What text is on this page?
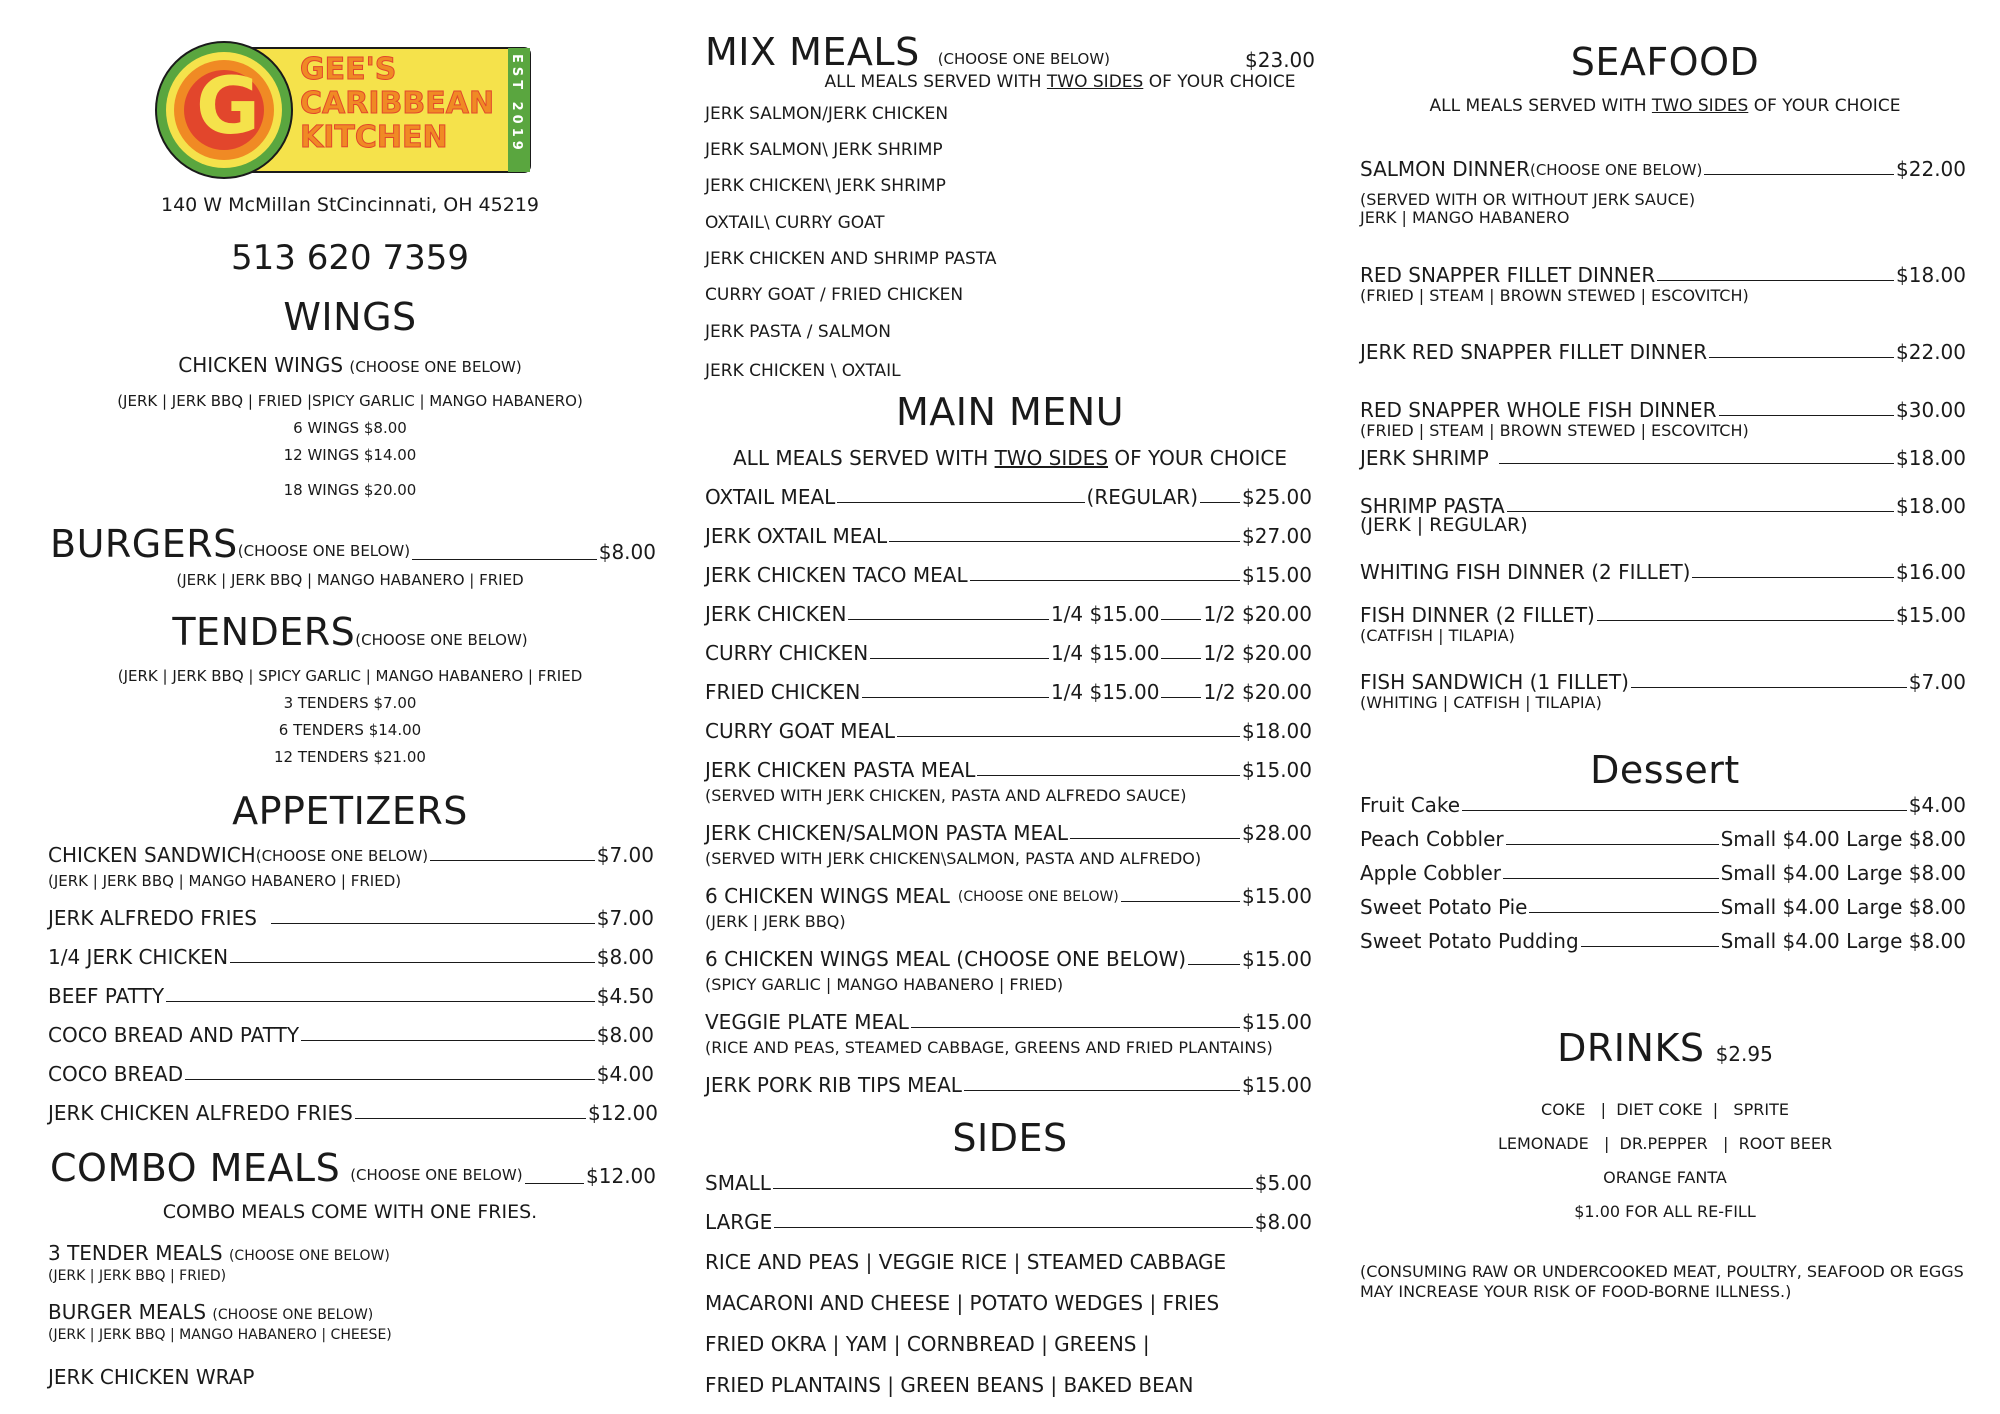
G GEE'S
CARIBBEAN
KITCHEN	EST 2019
140 W McMillan StCincinnati, OH 45219
513 620 7359
WINGS
CHICKEN WINGS (CHOOSE ONE BELOW)
(JERK | JERK BBQ | FRIED |SPICY GARLIC | MANGO HABANERO)
6 WINGS $8.00
12 WINGS $14.00
18 WINGS $20.00
BURGERS (CHOOSE ONE BELOW)	$8.00
(JERK | JERK BBQ | MANGO HABANERO | FRIED
TENDERS(CHOOSE ONE BELOW)
(JERK | JERK BBQ | SPICY GARLIC | MANGO HABANERO | FRIED
3 TENDERS $7.00
6 TENDERS $14.00
12 TENDERS $21.00
APPETIZERS
CHICKEN SANDWICH (CHOOSE ONE BELOW)	$7.00
(JERK | JERK BBQ | MANGO HABANERO | FRIED)
JERK ALFREDO FRIES	$7.00
1/4 JERK CHICKEN	$8.00
BEEF PATTY	$4.50
COCO BREAD AND PATTY	$8.00
COCO BREAD	$4.00
JERK CHICKEN ALFREDO FRIES	$12.00
COMBO MEALS (CHOOSE ONE BELOW)	$12.00
COMBO MEALS COME WITH ONE FRIES.
3 TENDER MEALS (CHOOSE ONE BELOW)
(JERK | JERK BBQ | FRIED)
BURGER MEALS (CHOOSE ONE BELOW)
(JERK | JERK BBQ | MANGO HABANERO | CHEESE)
JERK CHICKEN WRAP
MIX MEALS (CHOOSE ONE BELOW)	$23.00
ALL MEALS SERVED WITH TWO SIDES OF YOUR CHOICE
JERK SALMON/JERK CHICKEN
JERK SALMON\ JERK SHRIMP
JERK CHICKEN\ JERK SHRIMP
OXTAIL\ CURRY GOAT
JERK CHICKEN AND SHRIMP PASTA
CURRY GOAT / FRIED CHICKEN
JERK PASTA / SALMON
JERK CHICKEN \ OXTAIL
MAIN MENU
ALL MEALS SERVED WITH TWO SIDES OF YOUR CHOICE
OXTAIL MEAL	(REGULAR) $25.00
JERK OXTAIL MEAL	$27.00
JERK CHICKEN TACO MEAL	$15.00
JERK CHICKEN	1/4 $15.00 1/2 $20.00
CURRY CHICKEN	1/4 $15.00 1/2 $20.00
FRIED CHICKEN	1/4 $15.00 1/2 $20.00
CURRY GOAT MEAL	$18.00
JERK CHICKEN PASTA MEAL	$15.00
(SERVED WITH JERK CHICKEN, PASTA AND ALFREDO SAUCE)
JERK CHICKEN/SALMON PASTA MEAL	$28.00
(SERVED WITH JERK CHICKEN\SALMON, PASTA AND ALFREDO)
6 CHICKEN WINGS MEAL (CHOOSE ONE BELOW)	$15.00
(JERK | JERK BBQ)
6 CHICKEN WINGS MEAL (CHOOSE ONE BELOW)	$15.00
(SPICY GARLIC | MANGO HABANERO | FRIED)
VEGGIE PLATE MEAL	$15.00
(RICE AND PEAS, STEAMED CABBAGE, GREENS AND FRIED PLANTAINS)
JERK PORK RIB TIPS MEAL	$15.00
SIDES
SMALL	$5.00
LARGE	$8.00
RICE AND PEAS | VEGGIE RICE | STEAMED CABBAGE
MACARONI AND CHEESE | POTATO WEDGES | FRIES
FRIED OKRA | YAM | CORNBREAD | GREENS |
FRIED PLANTAINS | GREEN BEANS | BAKED BEAN
SEAFOOD
ALL MEALS SERVED WITH TWO SIDES OF YOUR CHOICE
SALMON DINNER (CHOOSE ONE BELOW)	$22.00
(SERVED WITH OR WITHOUT JERK SAUCE)
JERK | MANGO HABANERO
RED SNAPPER FILLET DINNER	$18.00
(FRIED | STEAM | BROWN STEWED | ESCOVITCH)
JERK RED SNAPPER FILLET DINNER	$22.00
RED SNAPPER WHOLE FISH DINNER	$30.00
(FRIED | STEAM | BROWN STEWED | ESCOVITCH)
JERK SHRIMP	$18.00
SHRIMP PASTA	$18.00
(JERK | REGULAR)
WHITING FISH DINNER (2 FILLET)	$16.00
FISH DINNER (2 FILLET)	$15.00
(CATFISH | TILAPIA)
FISH SANDWICH (1 FILLET)	$7.00
(WHITING | CATFISH | TILAPIA)
Dessert
Fruit Cake	$4.00
Peach Cobbler	Small $4.00 Large $8.00
Apple Cobbler	Small $4.00 Large $8.00
Sweet Potato Pie	Small $4.00 Large $8.00
Sweet Potato Pudding	Small $4.00 Large $8.00
DRINKS $2.95
COKE   |  DIET COKE  |   SPRITE
LEMONADE   |  DR.PEPPER   |  ROOT BEER
ORANGE FANTA
$1.00 FOR ALL RE-FILL
(CONSUMING RAW OR UNDERCOOKED MEAT, POULTRY, SEAFOOD OR EGGS
MAY INCREASE YOUR RISK OF FOOD-BORNE ILLNESS.)
